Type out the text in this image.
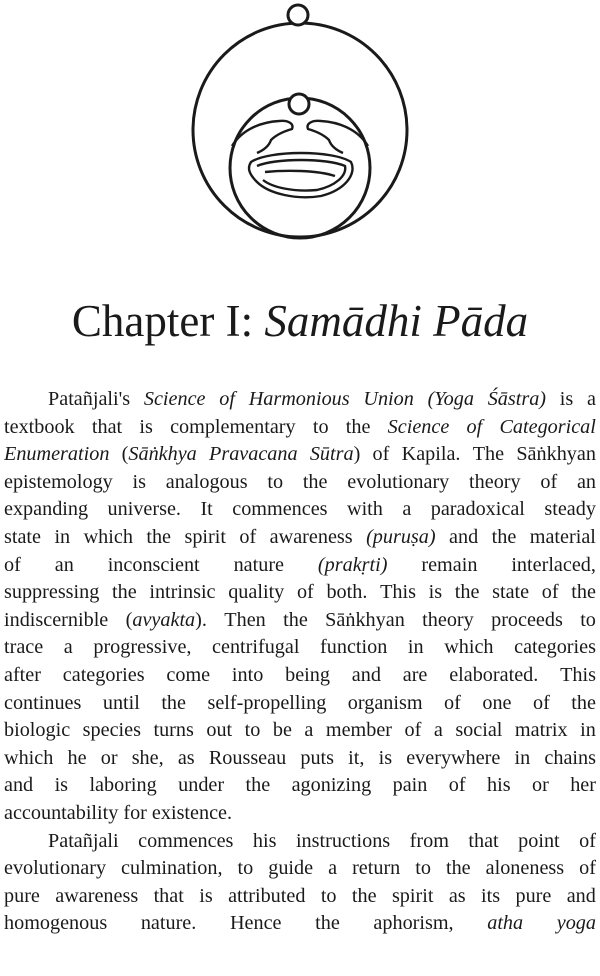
Chapter I: Samādhi Pāda
Patañjali's Science of Harmonious Union (Yoga Śāstra) is a
textbook that is complementary to the Science of Categorical
Enumeration (Sāṅkhya Pravacana Sūtra) of Kapila. The Sāṅkhyan
epistemology is analogous to the evolutionary theory of an
expanding universe. It commences with a paradoxical steady
state in which the spirit of awareness (puruṣa) and the material
of an inconscient nature (prakṛti) remain interlaced,
suppressing the intrinsic quality of both. This is the state of the
indiscernible (avyakta). Then the Sāṅkhyan theory proceeds to
trace a progressive, centrifugal function in which categories
after categories come into being and are elaborated. This
continues until the self-propelling organism of one of the
biologic species turns out to be a member of a social matrix in
which he or she, as Rousseau puts it, is everywhere in chains
and is laboring under the agonizing pain of his or her
accountability for existence.
Patañjali commences his instructions from that point of
evolutionary culmination, to guide a return to the aloneness of
pure awareness that is attributed to the spirit as its pure and
homogenous nature. Hence the aphorism, atha yoga
